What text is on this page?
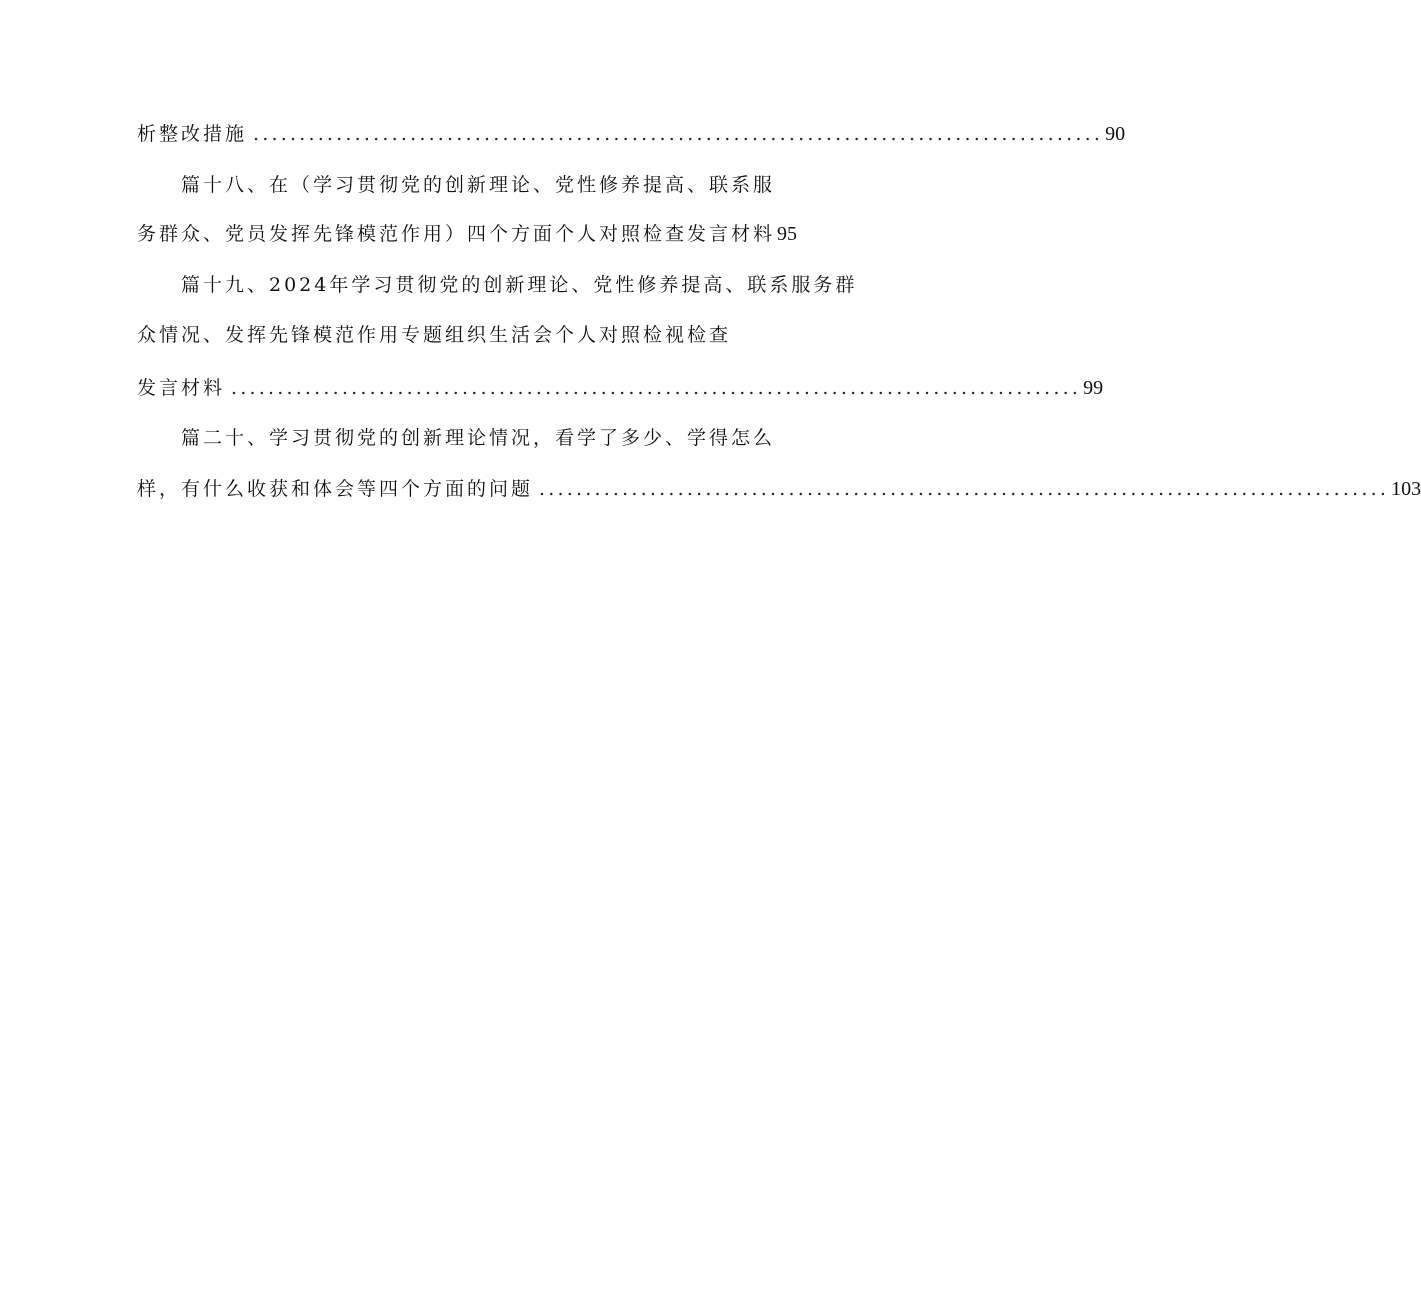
析整改措施 ............................................................................................ 90
篇十八、在（学习贯彻党的创新理论、党性修养提高、联系服
务群众、党员发挥先锋模范作用）四个方面个人对照检查发言材料 95
篇十九、2024年学习贯彻党的创新理论、党性修养提高、联系服务群
众情况、发挥先锋模范作用专题组织生活会个人对照检视检查
发言材料 ............................................................................................ 99
篇二十、学习贯彻党的创新理论情况，看学了多少、学得怎么
样，有什么收获和体会等四个方面的问题 ............................................................................................ 103
